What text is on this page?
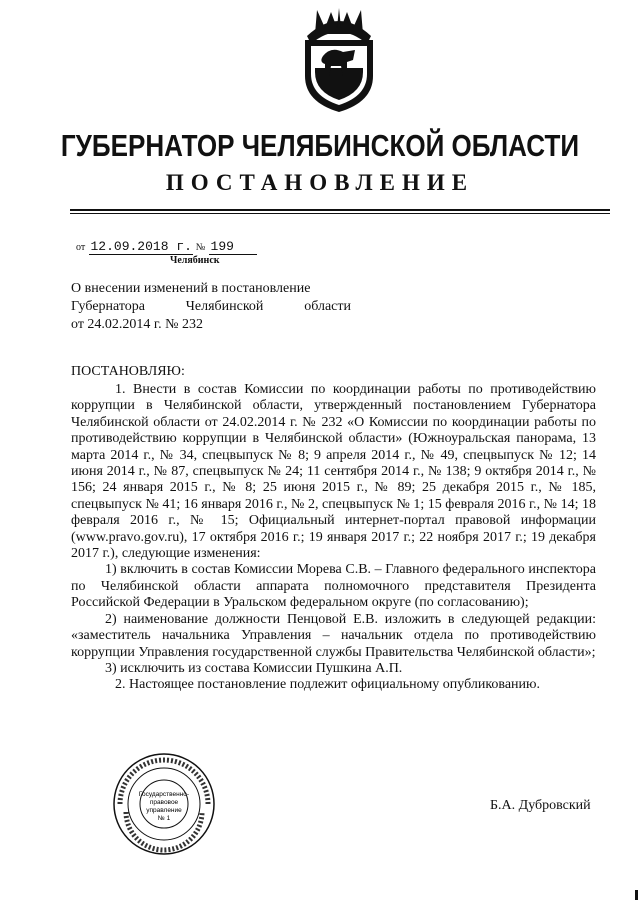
ГУБЕРНАТОР ЧЕЛЯБИНСКОЙ ОБЛАСТИ
ПОСТАНОВЛЕНИЕ
от 12.09.2018 г. № 199
Челябинск
О внесении изменений в постановление
Губернатора Челябинской области
от 24.02.2014 г. № 232
ПОСТАНОВЛЯЮ:

1. Внести в состав Комиссии по координации работы по противодействию коррупции в Челябинской области, утвержденный постановлением Губернатора Челябинской области от 24.02.2014 г. № 232 «О Комиссии по координации работы по противодействию коррупции в Челябинской области» (Южноуральская панорама, 13 марта 2014 г., № 34, спецвыпуск № 8; 9 апреля 2014 г., № 49, спецвыпуск № 12; 14 июня 2014 г., № 87, спецвыпуск № 24; 11 сентября 2014 г., № 138; 9 октября 2014 г., № 156; 24 января 2015 г., № 8; 25 июня 2015 г., № 89; 25 декабря 2015 г., № 185, спецвыпуск № 41; 16 января 2016 г., № 2, спецвыпуск № 1; 15 февраля 2016 г., № 14; 18 февраля 2016 г., № 15; Официальный интернет-портал правовой информации (www.pravo.gov.ru), 17 октября 2016 г.; 19 января 2017 г.; 22 ноября 2017 г.; 19 декабря 2017 г.), следующие изменения:

1) включить в состав Комиссии Морева С.В. – Главного федерального инспектора по Челябинской области аппарата полномочного представителя Президента Российской Федерации в Уральском федеральном округе (по согласованию);

2) наименование должности Пенцовой Е.В. изложить в следующей редакции: «заместитель начальника Управления – начальник отдела по противодействию коррупции Управления государственной службы Правительства Челябинской области»;

3) исключить из состава Комиссии Пушкина А.П.

2. Настоящее постановление подлежит официальному опубликованию.

Государственно-
правовое
управление
№ 1
Б.А. Дубровский
